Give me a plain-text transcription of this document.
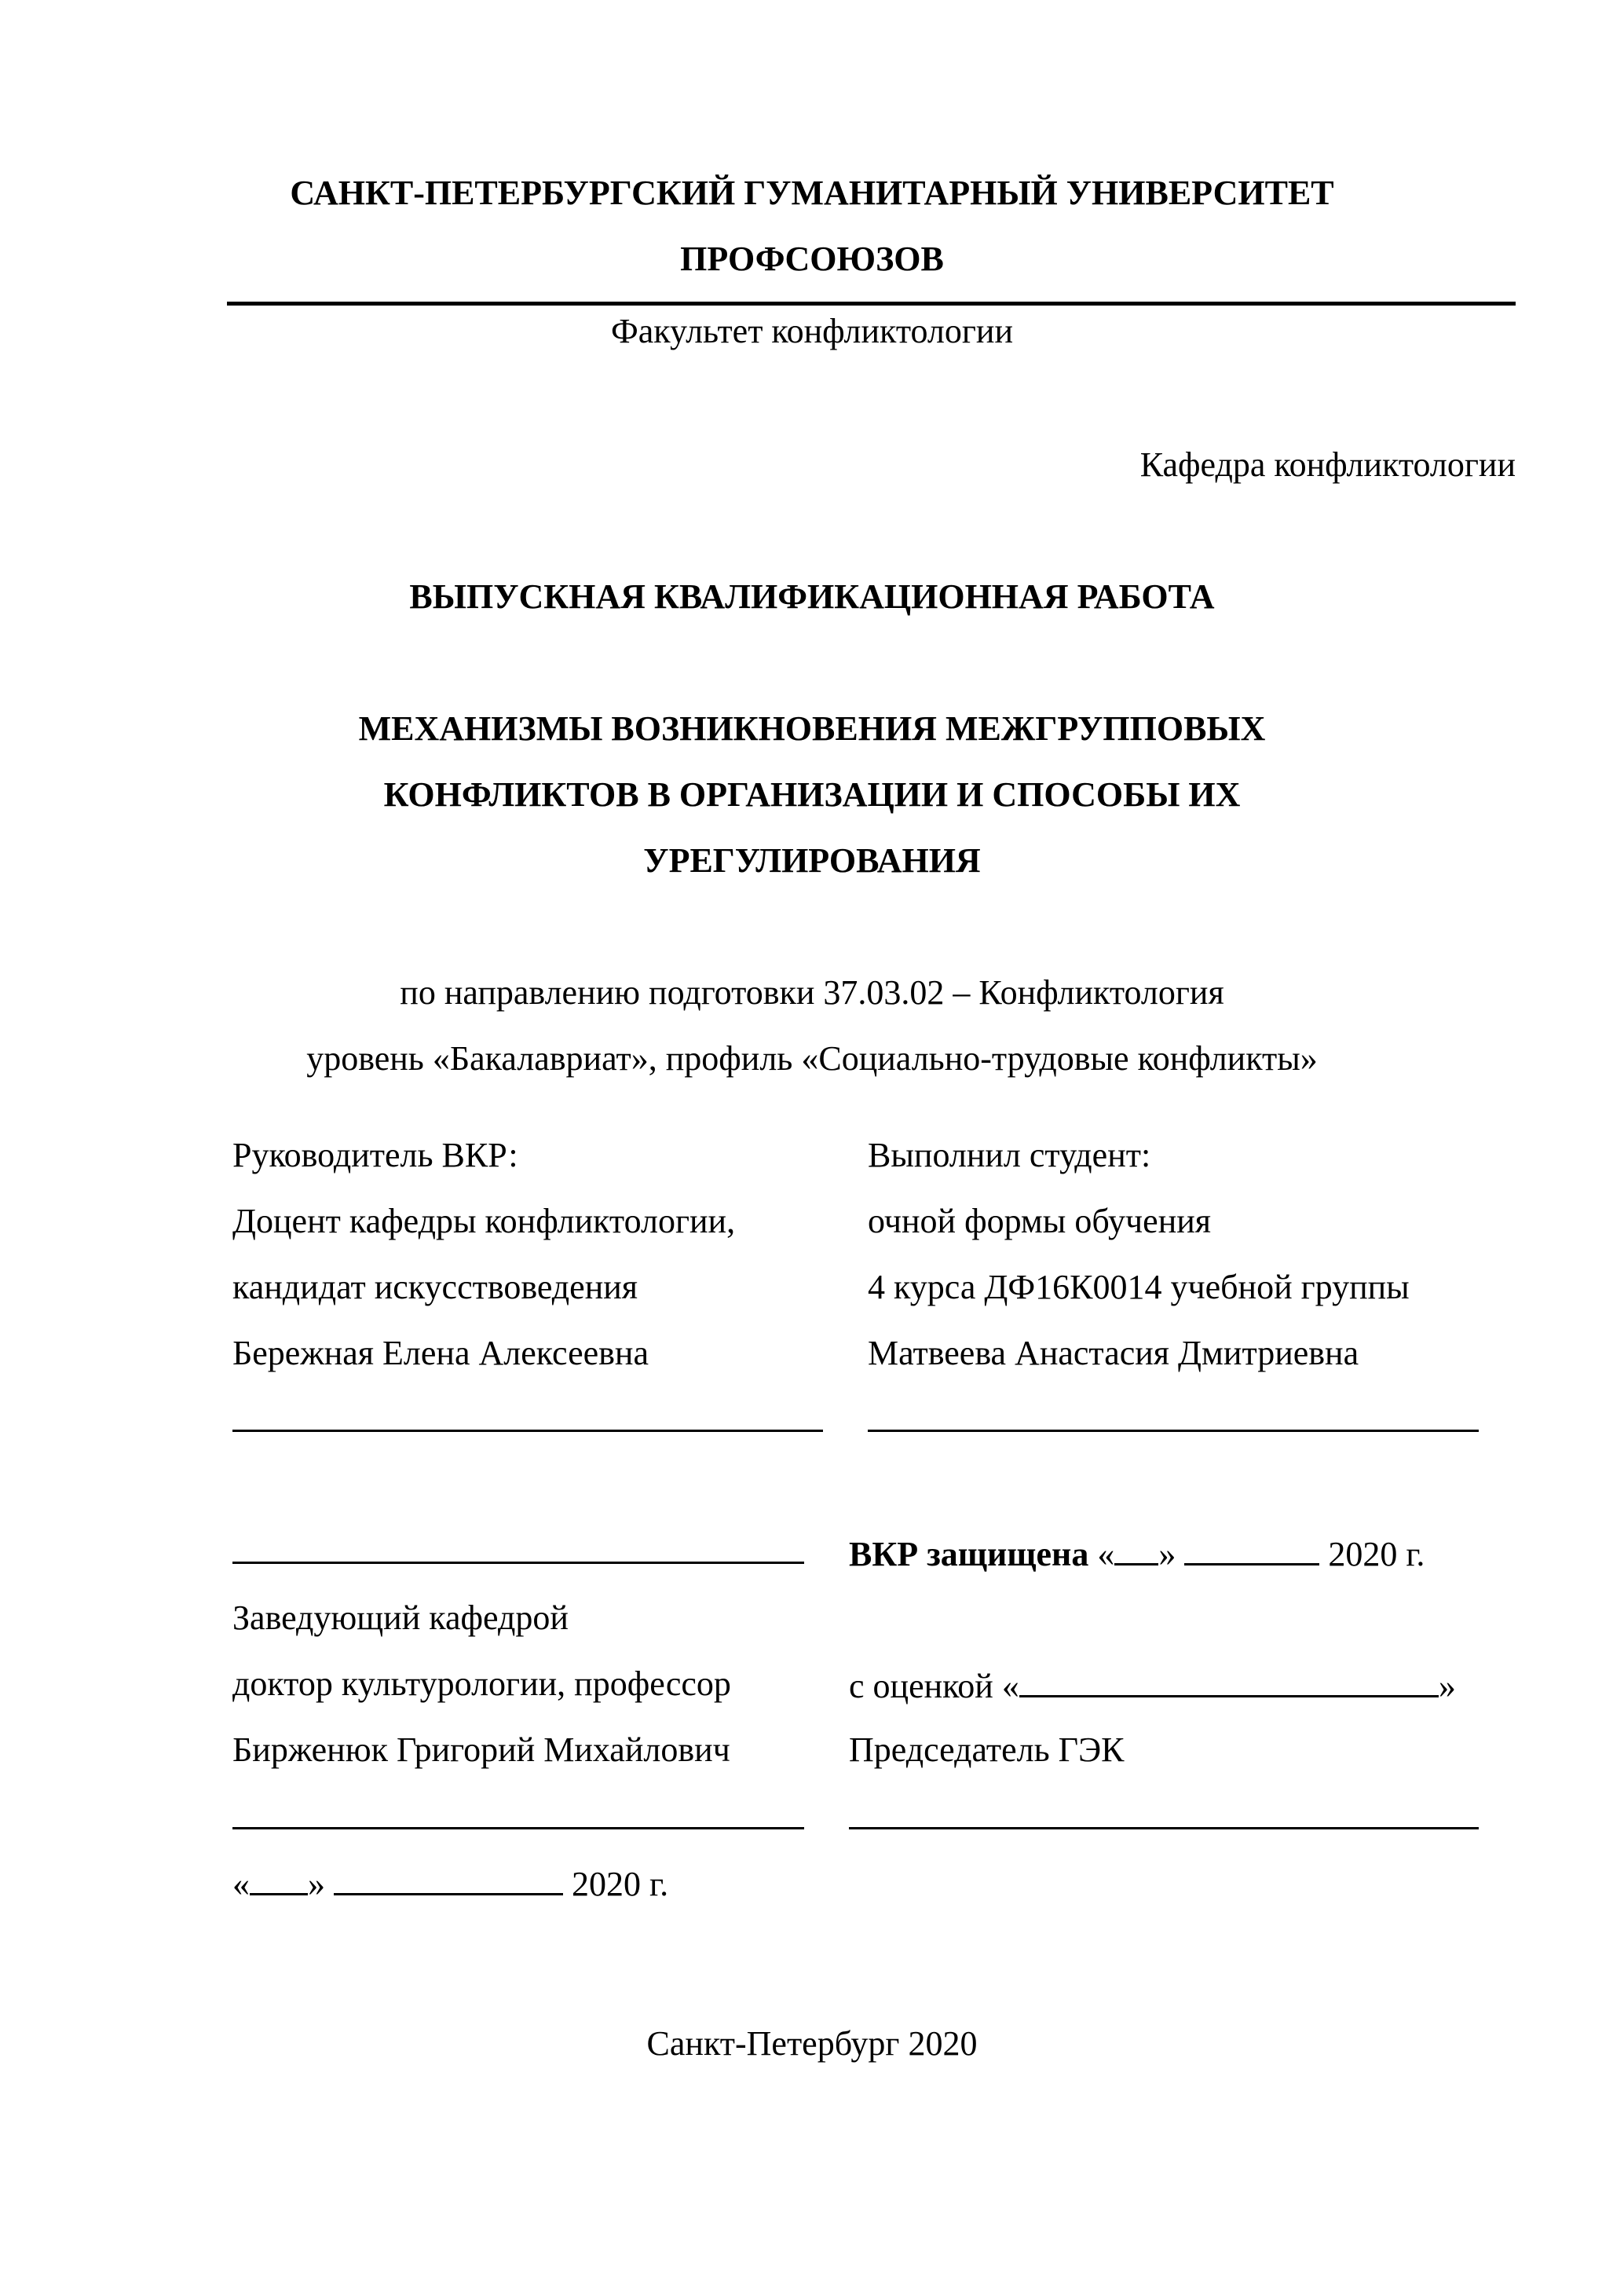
САНКТ-ПЕТЕРБУРГСКИЙ ГУМАНИТАРНЫЙ УНИВЕРСИТЕТ
ПРОФСОЮЗОВ
Факультет конфликтологии
Кафедра конфликтологии
ВЫПУСКНАЯ КВАЛИФИКАЦИОННАЯ РАБОТА
МЕХАНИЗМЫ ВОЗНИКНОВЕНИЯ МЕЖГРУППОВЫХ
КОНФЛИКТОВ В ОРГАНИЗАЦИИ И СПОСОБЫ ИХ
УРЕГУЛИРОВАНИЯ
по направлению подготовки 37.03.02 – Конфликтология
уровень «Бакалавриат», профиль «Социально-трудовые конфликты»
Руководитель ВКР:
Доцент кафедры конфликтологии,
кандидат искусствоведения
Бережная Елена Алексеевна
Выполнил студент:
очной формы обучения
4 курса ДФ16К0014 учебной группы
Матвеева Анастасия Дмитриевна
ВКР защищена « »	2020 г.
Заведующий кафедрой
доктор культурологии, профессор
Бирженюк Григорий Михайлович
с оценкой «	»
Председатель ГЭК
« »	2020 г.
Санкт-Петербург 2020
